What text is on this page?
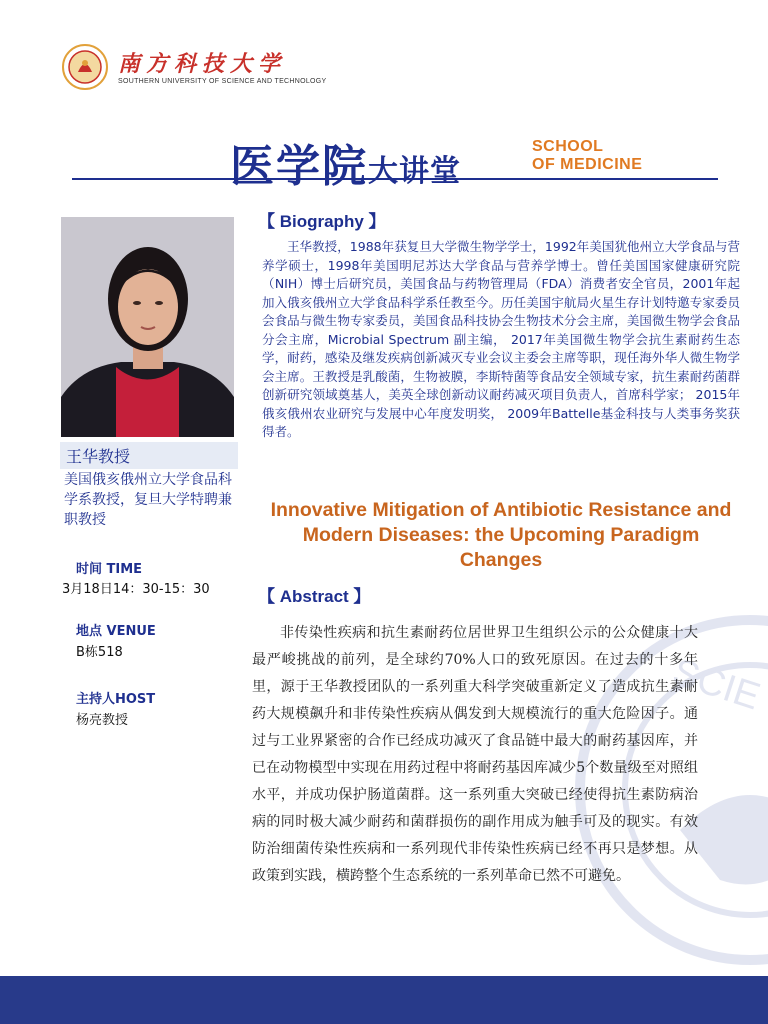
南方科技大学
SOUTHERN UNIVERSITY OF SCIENCE AND TECHNOLOGY
医学院大讲堂
SCHOOL
OF MEDICINE
王华教授
美国俄亥俄州立大学食品科学系教授，复旦大学特聘兼职教授
时间 TIME
3月18日14：30-15：30
地点 VENUE
B栋518
主持人HOST
杨亮教授
SCIE
【 Biography 】
王华教授，1988年获复旦大学微生物学学士，1992年美国犹他州立大学食品与营养学硕士，1998年美国明尼苏达大学食品与营养学博士。曾任美国国家健康研究院（NIH）博士后研究员，美国食品与药物管理局（FDA）消费者安全官员，2001年起加入俄亥俄州立大学食品科学系任教至今。历任美国宇航局火星生存计划特邀专家委员会食品与微生物专家委员，美国食品科技协会生物技术分会主席，美国微生物学会食品分会主席，Microbial Spectrum 副主编， 2017年美国微生物学会抗生素耐药生态学，耐药，感染及继发疾病创新减灭专业会议主委会主席等职，现任海外华人微生物学会主席。王教授是乳酸菌，生物被膜，李斯特菌等食品安全领域专家，抗生素耐药菌群创新研究领域奠基人，美英全球创新动议耐药减灭项目负责人，首席科学家； 2015年俄亥俄州农业研究与发展中心年度发明奖， 2009年Battelle基金科技与人类事务奖获得者。
Innovative Mitigation of Antibiotic Resistance and Modern Diseases: the Upcoming Paradigm Changes
【 Abstract 】
非传染性疾病和抗生素耐药位居世界卫生组织公示的公众健康十大最严峻挑战的前列，是全球约70%人口的致死原因。在过去的十多年里，源于王华教授团队的一系列重大科学突破重新定义了造成抗生素耐药大规模飙升和非传染性疾病从偶发到大规模流行的重大危险因子。通过与工业界紧密的合作已经成功减灭了食品链中最大的耐药基因库，并已在动物模型中实现在用药过程中将耐药基因库减少5个数量级至对照组水平，并成功保护肠道菌群。这一系列重大突破已经使得抗生素防病治病的同时极大减少耐药和菌群损伤的副作用成为触手可及的现实。有效防治细菌传染性疾病和一系列现代非传染性疾病已经不再只是梦想。从政策到实践，横跨整个生态系统的一系列革命已然不可避免。
